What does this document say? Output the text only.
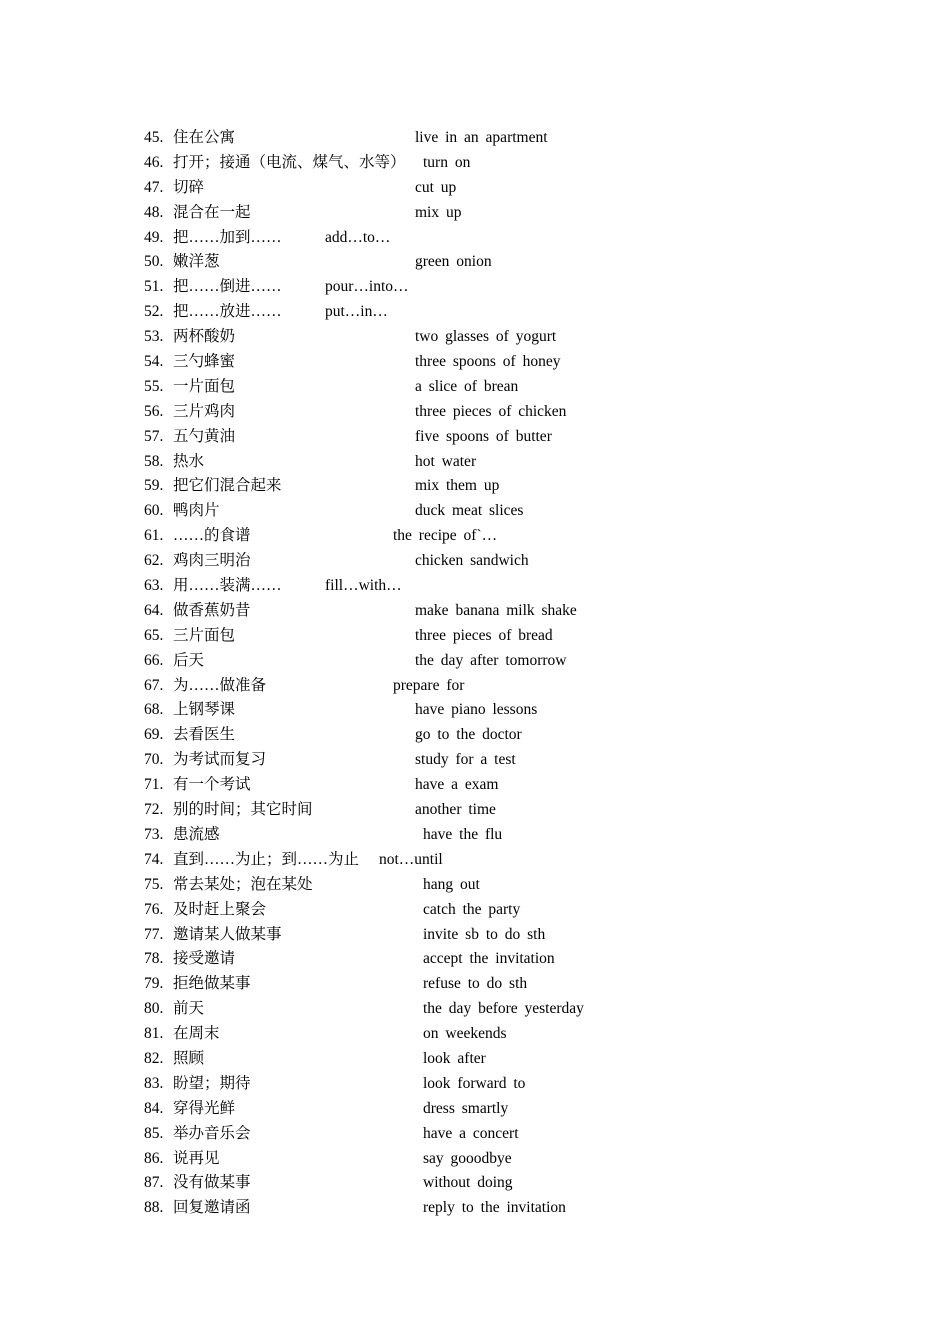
45. 住在公寓	live in an apartment
46. 打开；接通（电流、煤气、水等） turn on
47. 切碎	cut up
48. 混合在一起	mix up
49. 把……加到……	add…to…
50. 嫩洋葱	green onion
51. 把……倒进……	pour…into…
52. 把……放进……	put…in…
53. 两杯酸奶	two glasses of yogurt
54. 三勺蜂蜜	three spoons of honey
55. 一片面包	a slice of brean
56. 三片鸡肉	three pieces of chicken
57. 五勺黄油	five spoons of butter
58. 热水	hot water
59. 把它们混合起来	mix them up
60. 鸭肉片	duck meat slices
61. ……的食谱	the recipe of`…
62. 鸡肉三明治	chicken sandwich
63. 用……装满……	fill…with…
64. 做香蕉奶昔	make banana milk shake
65. 三片面包	three pieces of bread
66. 后天	the day after tomorrow
67. 为……做准备	prepare for
68. 上钢琴课	have piano lessons
69. 去看医生	go to the doctor
70. 为考试而复习	study for a test
71. 有一个考试	have a exam
72. 别的时间；其它时间	another time
73. 患流感	have the flu
74. 直到……为止；到……为止 not…until
75. 常去某处；泡在某处	hang out
76. 及时赶上聚会	catch the party
77. 邀请某人做某事	invite sb to do sth
78. 接受邀请	accept the invitation
79. 拒绝做某事	refuse to do sth
80. 前天	the day before yesterday
81. 在周末	on weekends
82. 照顾	look after
83. 盼望；期待	look forward to
84. 穿得光鲜	dress smartly
85. 举办音乐会	have a concert
86. 说再见	say gooodbye
87. 没有做某事	without doing
88. 回复邀请函	reply to the invitation
